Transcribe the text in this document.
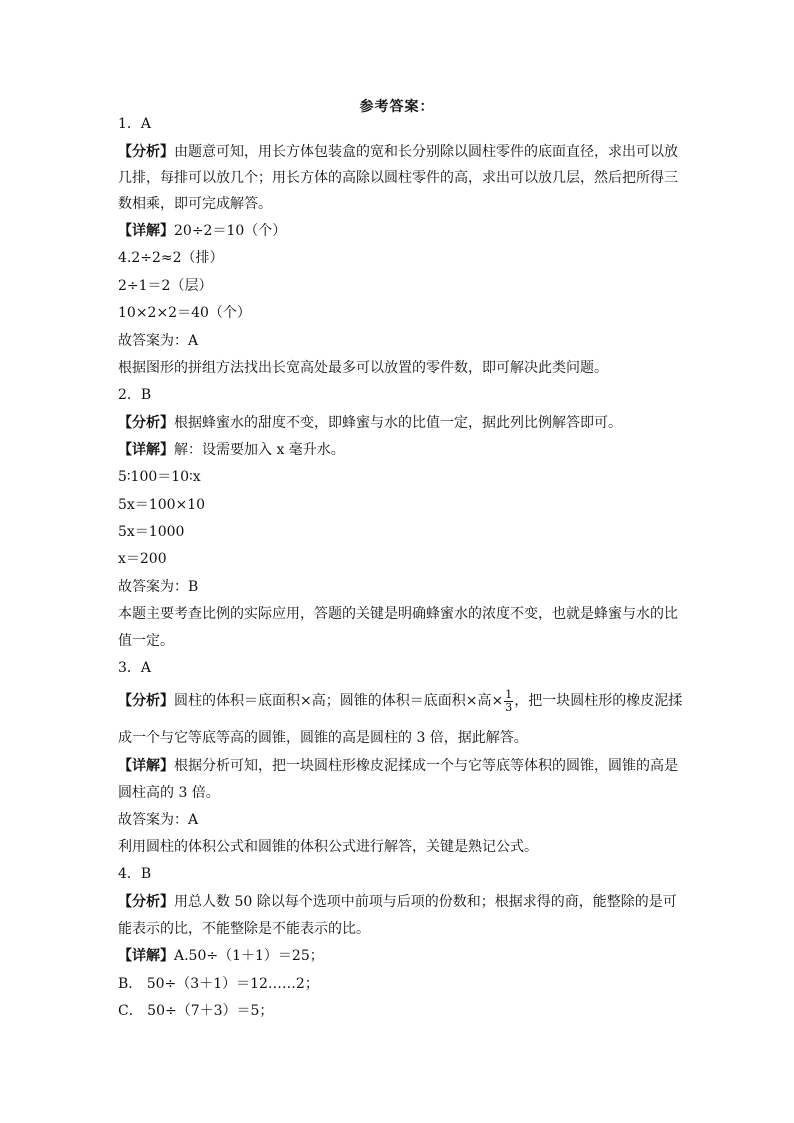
参考答案：
1．A
【分析】由题意可知，用长方体包装盒的宽和长分别除以圆柱零件的底面直径，求出可以放
几排，每排可以放几个；用长方体的高除以圆柱零件的高，求出可以放几层，然后把所得三
数相乘，即可完成解答。
【详解】20÷2＝10（个）
4.2÷2≈2（排）
2÷1＝2（层）
10×2×2＝40（个）
故答案为：A
根据图形的拼组方法找出长宽高处最多可以放置的零件数，即可解决此类问题。
2．B
【分析】根据蜂蜜水的甜度不变，即蜂蜜与水的比值一定，据此列比例解答即可。
【详解】解：设需要加入 x 毫升水。
5∶100＝10∶x
5x＝100×10
5x＝1000
x＝200
故答案为：B
本题主要考查比例的实际应用，答题的关键是明确蜂蜜水的浓度不变，也就是蜂蜜与水的比
值一定。
3．A
【分析】圆柱的体积＝底面积×高；圆锥的体积＝底面积×高× $\frac{1}{3}$ ，把一块圆柱形的橡皮泥揉
成一个与它等底等高的圆锥，圆锥的高是圆柱的 3 倍，据此解答。
【详解】根据分析可知，把一块圆柱形橡皮泥揉成一个与它等底等体积的圆锥，圆锥的高是
圆柱高的 3 倍。
故答案为：A
利用圆柱的体积公式和圆锥的体积公式进行解答，关键是熟记公式。
4．B
【分析】用总人数 50 除以每个选项中前项与后项的份数和；根据求得的商，能整除的是可
能表示的比，不能整除是不能表示的比。
【详解】A.50÷（1＋1）＝25；
B． 50÷（3＋1）＝12……2；
C． 50÷（7＋3）＝5；
